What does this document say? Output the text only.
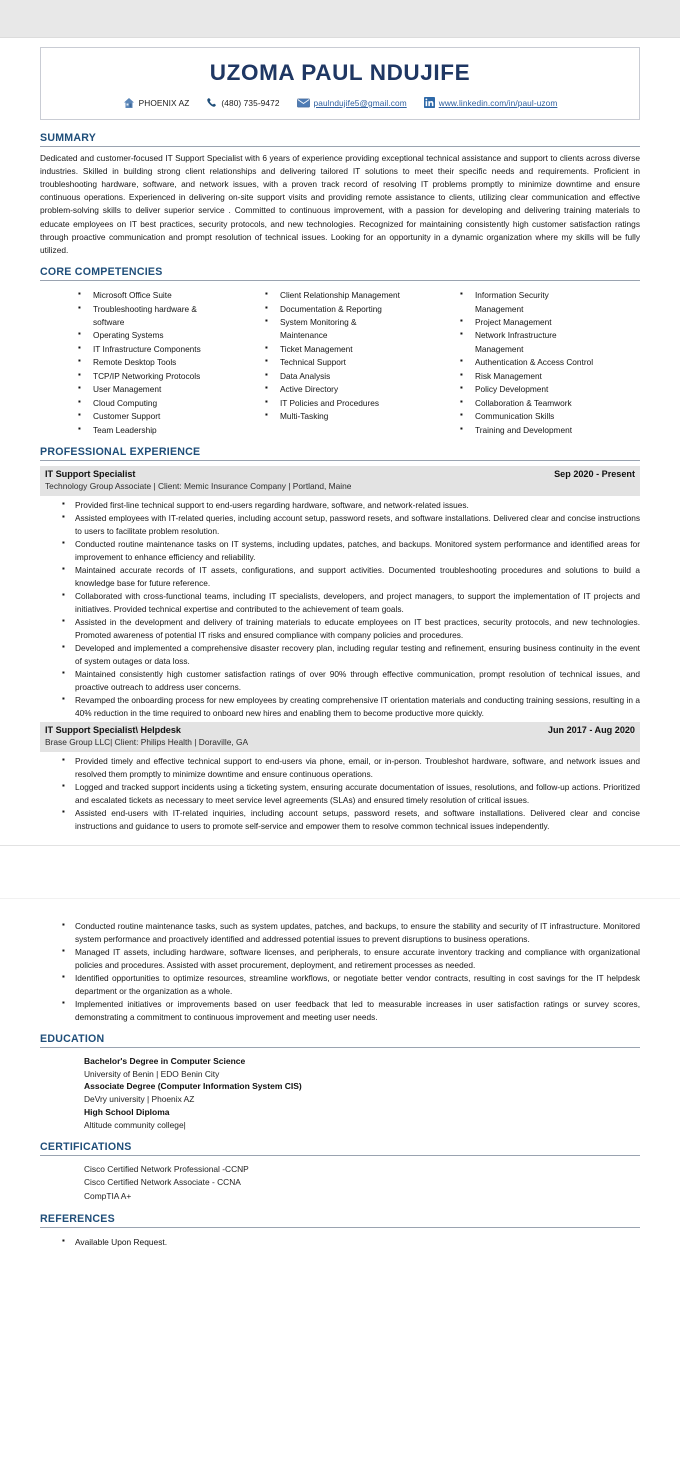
UZOMA PAUL NDUJIFE
PHOENIX AZ	(480) 735-9472	paulndujife5@gmail.com	www.linkedin.com/in/paul-uzom
SUMMARY

Dedicated and customer-focused IT Support Specialist with 6 years of experience providing exceptional technical assistance and support to clients across diverse industries. Skilled in building strong client relationships and delivering tailored IT solutions to meet their specific needs and requirements. Proficient in troubleshooting hardware, software, and network issues, with a proven track record of resolving IT problems promptly to minimize downtime and ensure continuous operations. Experienced in delivering on-site support visits and providing remote assistance to clients, utilizing clear communication and effective problem-solving skills to deliver superior service . Committed to continuous improvement, with a passion for developing and delivering training materials to educate employees on IT best practices, security protocols, and new technologies. Recognized for maintaining consistently high customer satisfaction ratings through proactive communication and prompt resolution of technical issues. Looking for an opportunity in a dynamic organization where my skills will be fully utilized.

CORE COMPETENCIES
▪ Microsoft Office Suite
▪ Troubleshooting hardware &
software
▪ Operating Systems
▪ IT Infrastructure Components
▪ Remote Desktop Tools
▪ TCP/IP Networking Protocols
▪ User Management
▪ Cloud Computing
▪ Customer Support
▪ Team Leadership
▪ Client Relationship Management
▪ Documentation & Reporting
▪ System Monitoring &
Maintenance
▪ Ticket Management
▪ Technical Support
▪ Data Analysis
▪ Active Directory
▪ IT Policies and Procedures
▪ Multi-Tasking
▪ Information Security
Management
▪ Project Management
▪ Network Infrastructure
Management
▪ Authentication & Access Control
▪ Risk Management
▪ Policy Development
▪ Collaboration & Teamwork
▪ Communication Skills
▪ Training and Development
PROFESSIONAL EXPERIENCE
IT Support Specialist	Sep 2020 - Present
Technology Group Associate | Client: Memic Insurance Company | Portland, Maine
▪ Provided first-line technical support to end-users regarding hardware, software, and network-related issues.
▪ Assisted employees with IT-related queries, including account setup, password resets, and software installations. Delivered clear and concise instructions to users to facilitate problem resolution.
▪ Conducted routine maintenance tasks on IT systems, including updates, patches, and backups. Monitored system performance and identified areas for improvement to enhance efficiency and reliability.
▪ Maintained accurate records of IT assets, configurations, and support activities. Documented troubleshooting procedures and solutions to build a knowledge base for future reference.
▪ Collaborated with cross-functional teams, including IT specialists, developers, and project managers, to support the implementation of IT projects and initiatives. Provided technical expertise and contributed to the achievement of team goals.
▪ Assisted in the development and delivery of training materials to educate employees on IT best practices, security protocols, and new technologies. Promoted awareness of potential IT risks and ensured compliance with company policies and procedures.
▪ Developed and implemented a comprehensive disaster recovery plan, including regular testing and refinement, ensuring business continuity in the event of system outages or data loss.
▪ Maintained consistently high customer satisfaction ratings of over 90% through effective communication, prompt resolution of technical issues, and proactive outreach to address user concerns.
▪ Revamped the onboarding process for new employees by creating comprehensive IT orientation materials and conducting training sessions, resulting in a 40% reduction in the time required to onboard new hires and enabling them to become productive more quickly.
IT Support Specialist\ Helpdesk	Jun 2017 - Aug 2020
Brase Group LLC| Client: Philips Health | Doraville, GA
▪ Provided timely and effective technical support to end-users via phone, email, or in-person. Troubleshot hardware, software, and network issues and resolved them promptly to minimize downtime and ensure continuous operations.
▪ Logged and tracked support incidents using a ticketing system, ensuring accurate documentation of issues, resolutions, and follow-up actions. Prioritized and escalated tickets as necessary to meet service level agreements (SLAs) and ensured timely resolution of critical issues.
▪ Assisted end-users with IT-related inquiries, including account setups, password resets, and software installations. Delivered clear and concise instructions and guidance to users to promote self-service and empower them to resolve common technical issues independently.
▪ Conducted routine maintenance tasks, such as system updates, patches, and backups, to ensure the stability and security of IT infrastructure. Monitored system performance and proactively identified and addressed potential issues to prevent disruptions to business operations.
▪ Managed IT assets, including hardware, software licenses, and peripherals, to ensure accurate inventory tracking and compliance with organizational policies and procedures. Assisted with asset procurement, deployment, and retirement processes as needed.
▪ Identified opportunities to optimize resources, streamline workflows, or negotiate better vendor contracts, resulting in cost savings for the IT helpdesk department or the organization as a whole.
▪ Implemented initiatives or improvements based on user feedback that led to measurable increases in user satisfaction ratings or survey scores, demonstrating a commitment to continuous improvement and meeting user needs.
EDUCATION
Bachelor's Degree in Computer Science
University of Benin | EDO Benin City
Associate Degree (Computer Information System CIS)
DeVry university | Phoenix AZ
High School Diploma
Altitude community college|
CERTIFICATIONS
Cisco Certified Network Professional -CCNP
Cisco Certified Network Associate - CCNA
CompTIA A+
REFERENCES
▪ Available Upon Request.
